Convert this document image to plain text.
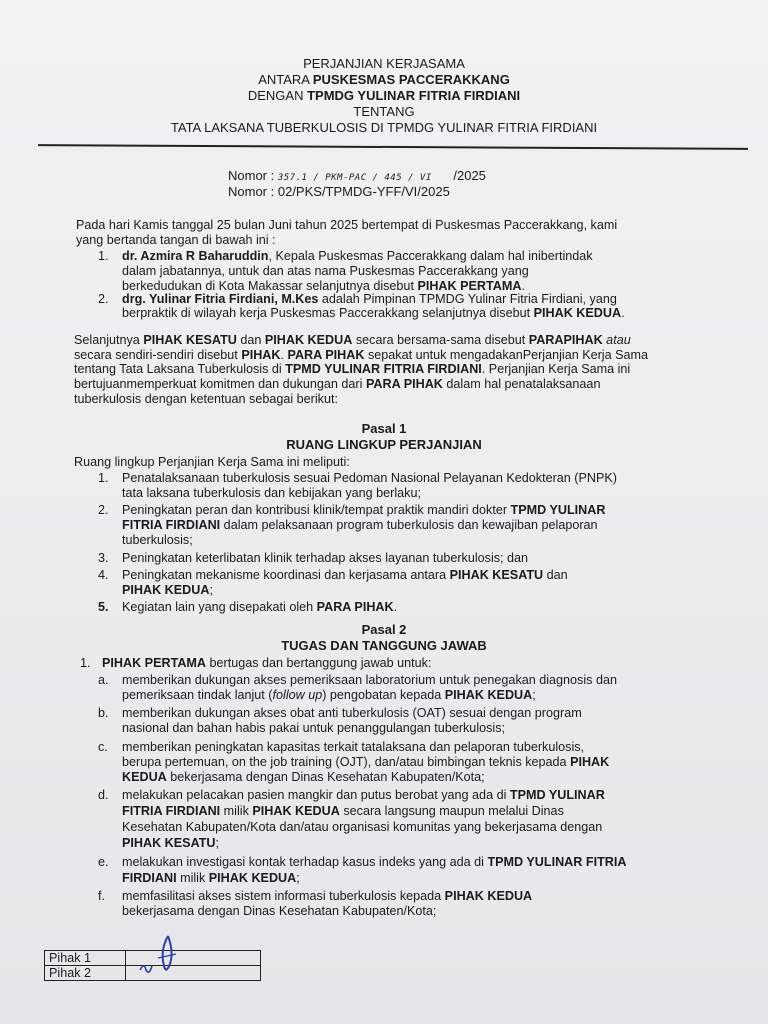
PERJANJIAN KERJASAMA
ANTARA PUSKESMAS PACCERAKKANG
DENGAN TPMDG YULINAR FITRIA FIRDIANI
TENTANG
TATA LAKSANA TUBERKULOSIS DI TPMDG YULINAR FITRIA FIRDIANI
Nomor : 357.1 / PKM-PAC / 445 / VI /2025
Nomor : 02/PKS/TPMDG-YFF/VI/2025
Pada hari Kamis tanggal 25 bulan Juni tahun 2025 bertempat di Puskesmas Paccerakkang, kami
yang bertanda tangan di bawah ini :
1. dr. Azmira R Baharuddin, Kepala Puskesmas Paccerakkang dalam hal inibertindak
dalam jabatannya, untuk dan atas nama Puskesmas Paccerakkang yang
berkedudukan di Kota Makassar selanjutnya disebut PIHAK PERTAMA.
2. drg. Yulinar Fitria Firdiani, M.Kes adalah Pimpinan TPMDG Yulinar Fitria Firdiani, yang
berpraktik di wilayah kerja Puskesmas Paccerakkang selanjutnya disebut PIHAK KEDUA.
Selanjutnya PIHAK KESATU dan PIHAK KEDUA secara bersama-sama disebut PARAPIHAK atau
secara sendiri-sendiri disebut PIHAK. PARA PIHAK sepakat untuk mengadakanPerjanjian Kerja Sama
tentang Tata Laksana Tuberkulosis di TPMD YULINAR FITRIA FIRDIANI. Perjanjian Kerja Sama ini
bertujuanmemperkuat komitmen dan dukungan dari PARA PIHAK dalam hal penatalaksanaan
tuberkulosis dengan ketentuan sebagai berikut:
Pasal 1
RUANG LINGKUP PERJANJIAN
Ruang lingkup Perjanjian Kerja Sama ini meliputi:
1. Penatalaksanaan tuberkulosis sesuai Pedoman Nasional Pelayanan Kedokteran (PNPK)
tata laksana tuberkulosis dan kebijakan yang berlaku;
2. Peningkatan peran dan kontribusi klinik/tempat praktik mandiri dokter TPMD YULINAR
FITRIA FIRDIANI dalam pelaksanaan program tuberkulosis dan kewajiban pelaporan
tuberkulosis;
3. Peningkatan keterlibatan klinik terhadap akses layanan tuberkulosis; dan
4. Peningkatan mekanisme koordinasi dan kerjasama antara PIHAK KESATU dan
PIHAK KEDUA;
5. Kegiatan lain yang disepakati oleh PARA PIHAK.
Pasal 2
TUGAS DAN TANGGUNG JAWAB
1. PIHAK PERTAMA bertugas dan bertanggung jawab untuk:
a. memberikan dukungan akses pemeriksaan laboratorium untuk penegakan diagnosis dan
pemeriksaan tindak lanjut (follow up) pengobatan kepada PIHAK KEDUA;
b. memberikan dukungan akses obat anti tuberkulosis (OAT) sesuai dengan program
nasional dan bahan habis pakai untuk penanggulangan tuberkulosis;
c. memberikan peningkatan kapasitas terkait tatalaksana dan pelaporan tuberkulosis,
berupa pertemuan, on the job training (OJT), dan/atau bimbingan teknis kepada PIHAK
KEDUA bekerjasama dengan Dinas Kesehatan Kabupaten/Kota;
d. melakukan pelacakan pasien mangkir dan putus berobat yang ada di TPMD YULINAR
FITRIA FIRDIANI milik PIHAK KEDUA secara langsung maupun melalui Dinas
Kesehatan Kabupaten/Kota dan/atau organisasi komunitas yang bekerjasama dengan
PIHAK KESATU;
e. melakukan investigasi kontak terhadap kasus indeks yang ada di TPMD YULINAR FITRIA
FIRDIANI milik PIHAK KEDUA;
f. memfasilitasi akses sistem informasi tuberkulosis kepada PIHAK KEDUA
bekerjasama dengan Dinas Kesehatan Kabupaten/Kota;
Pihak 1	
Pihak 2	
